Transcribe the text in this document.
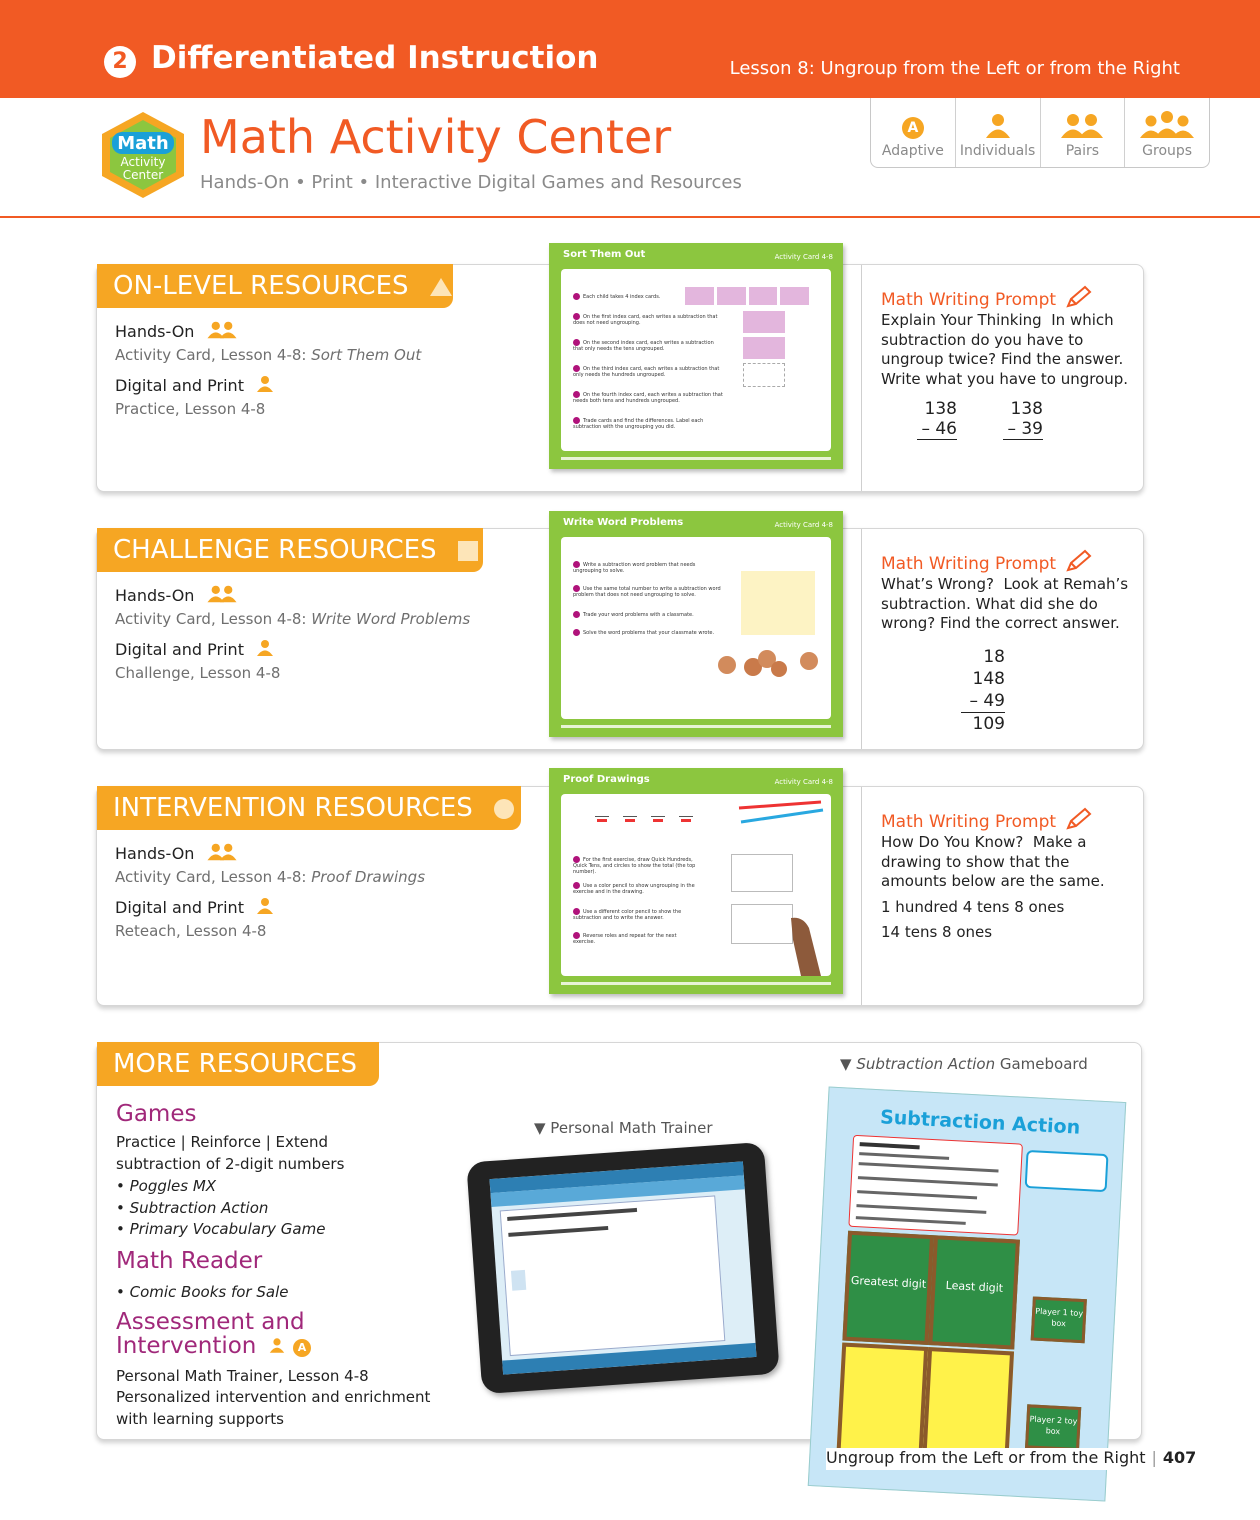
2 Differentiated Instruction	Lesson 8: Ungroup from the Left or from the Right
Math
Activity
Center
Math Activity Center
Hands-On • Print • Interactive Digital Games and Resources
A
Adaptive Individuals Pairs	Groups
ON-LEVEL RESOURCES
Hands-On
Activity Card, Lesson 4-8: Sort Them Out
Digital and Print
Practice, Lesson 4-8
Math Writing Prompt
Explain Your Thinking In which subtraction do you have to ungroup twice? Find the answer. Write what you have to ungroup.
138
– 46
138
– 39
Sort Them Out	Activity Card 4-8
Each child takes 4 index cards.
On the first index card, each writes a subtraction that does not need ungrouping.
On the second index card, each writes a subtraction that only needs the tens ungrouped.
On the third index card, each writes a subtraction that only needs the hundreds ungrouped.
On the fourth index card, each writes a subtraction that needs both tens and hundreds ungrouped.
Trade cards and find the differences. Label each subtraction with the ungrouping you did.
CHALLENGE RESOURCES
Hands-On
Activity Card, Lesson 4-8: Write Word Problems
Digital and Print
Challenge, Lesson 4-8
Math Writing Prompt
What’s Wrong? Look at Remah’s subtraction. What did she do wrong? Find the correct answer.
18
148
– 49
109
Write Word Problems	Activity Card 4-8
Write a subtraction word problem that needs ungrouping to solve.
Use the same total number to write a subtraction word problem that does not need ungrouping to solve.
Trade your word problems with a classmate.
Solve the word problems that your classmate wrote.
INTERVENTION RESOURCES
Hands-On
Activity Card, Lesson 4-8: Proof Drawings
Digital and Print
Reteach, Lesson 4-8
Math Writing Prompt
How Do You Know? Make a drawing to show that the amounts below are the same.
1 hundred 4 tens 8 ones
14 tens 8 ones
Proof Drawings	Activity Card 4-8
For the first exercise, draw Quick Hundreds, Quick Tens, and circles to show the total (the top number).
Use a color pencil to show ungrouping in the exercise and in the drawing.
Use a different color pencil to show the subtraction and to write the answer.
Reverse roles and repeat for the next exercise.
MORE RESOURCES
Games
Practice | Reinforce | Extend
subtraction of 2-digit numbers
• Poggles MX
• Subtraction Action
• Primary Vocabulary Game
Math Reader
• Comic Books for Sale
Assessment and
Intervention	A
Personal Math Trainer, Lesson 4-8
Personalized intervention and enrichment
with learning supports
▼ Personal Math Trainer
▼ Subtraction Action Gameboard
Subtraction Action
Greatest digit	Least digit
Player 1 toy box
Player 2 toy box
Ungroup from the Left or from the Right | 407
